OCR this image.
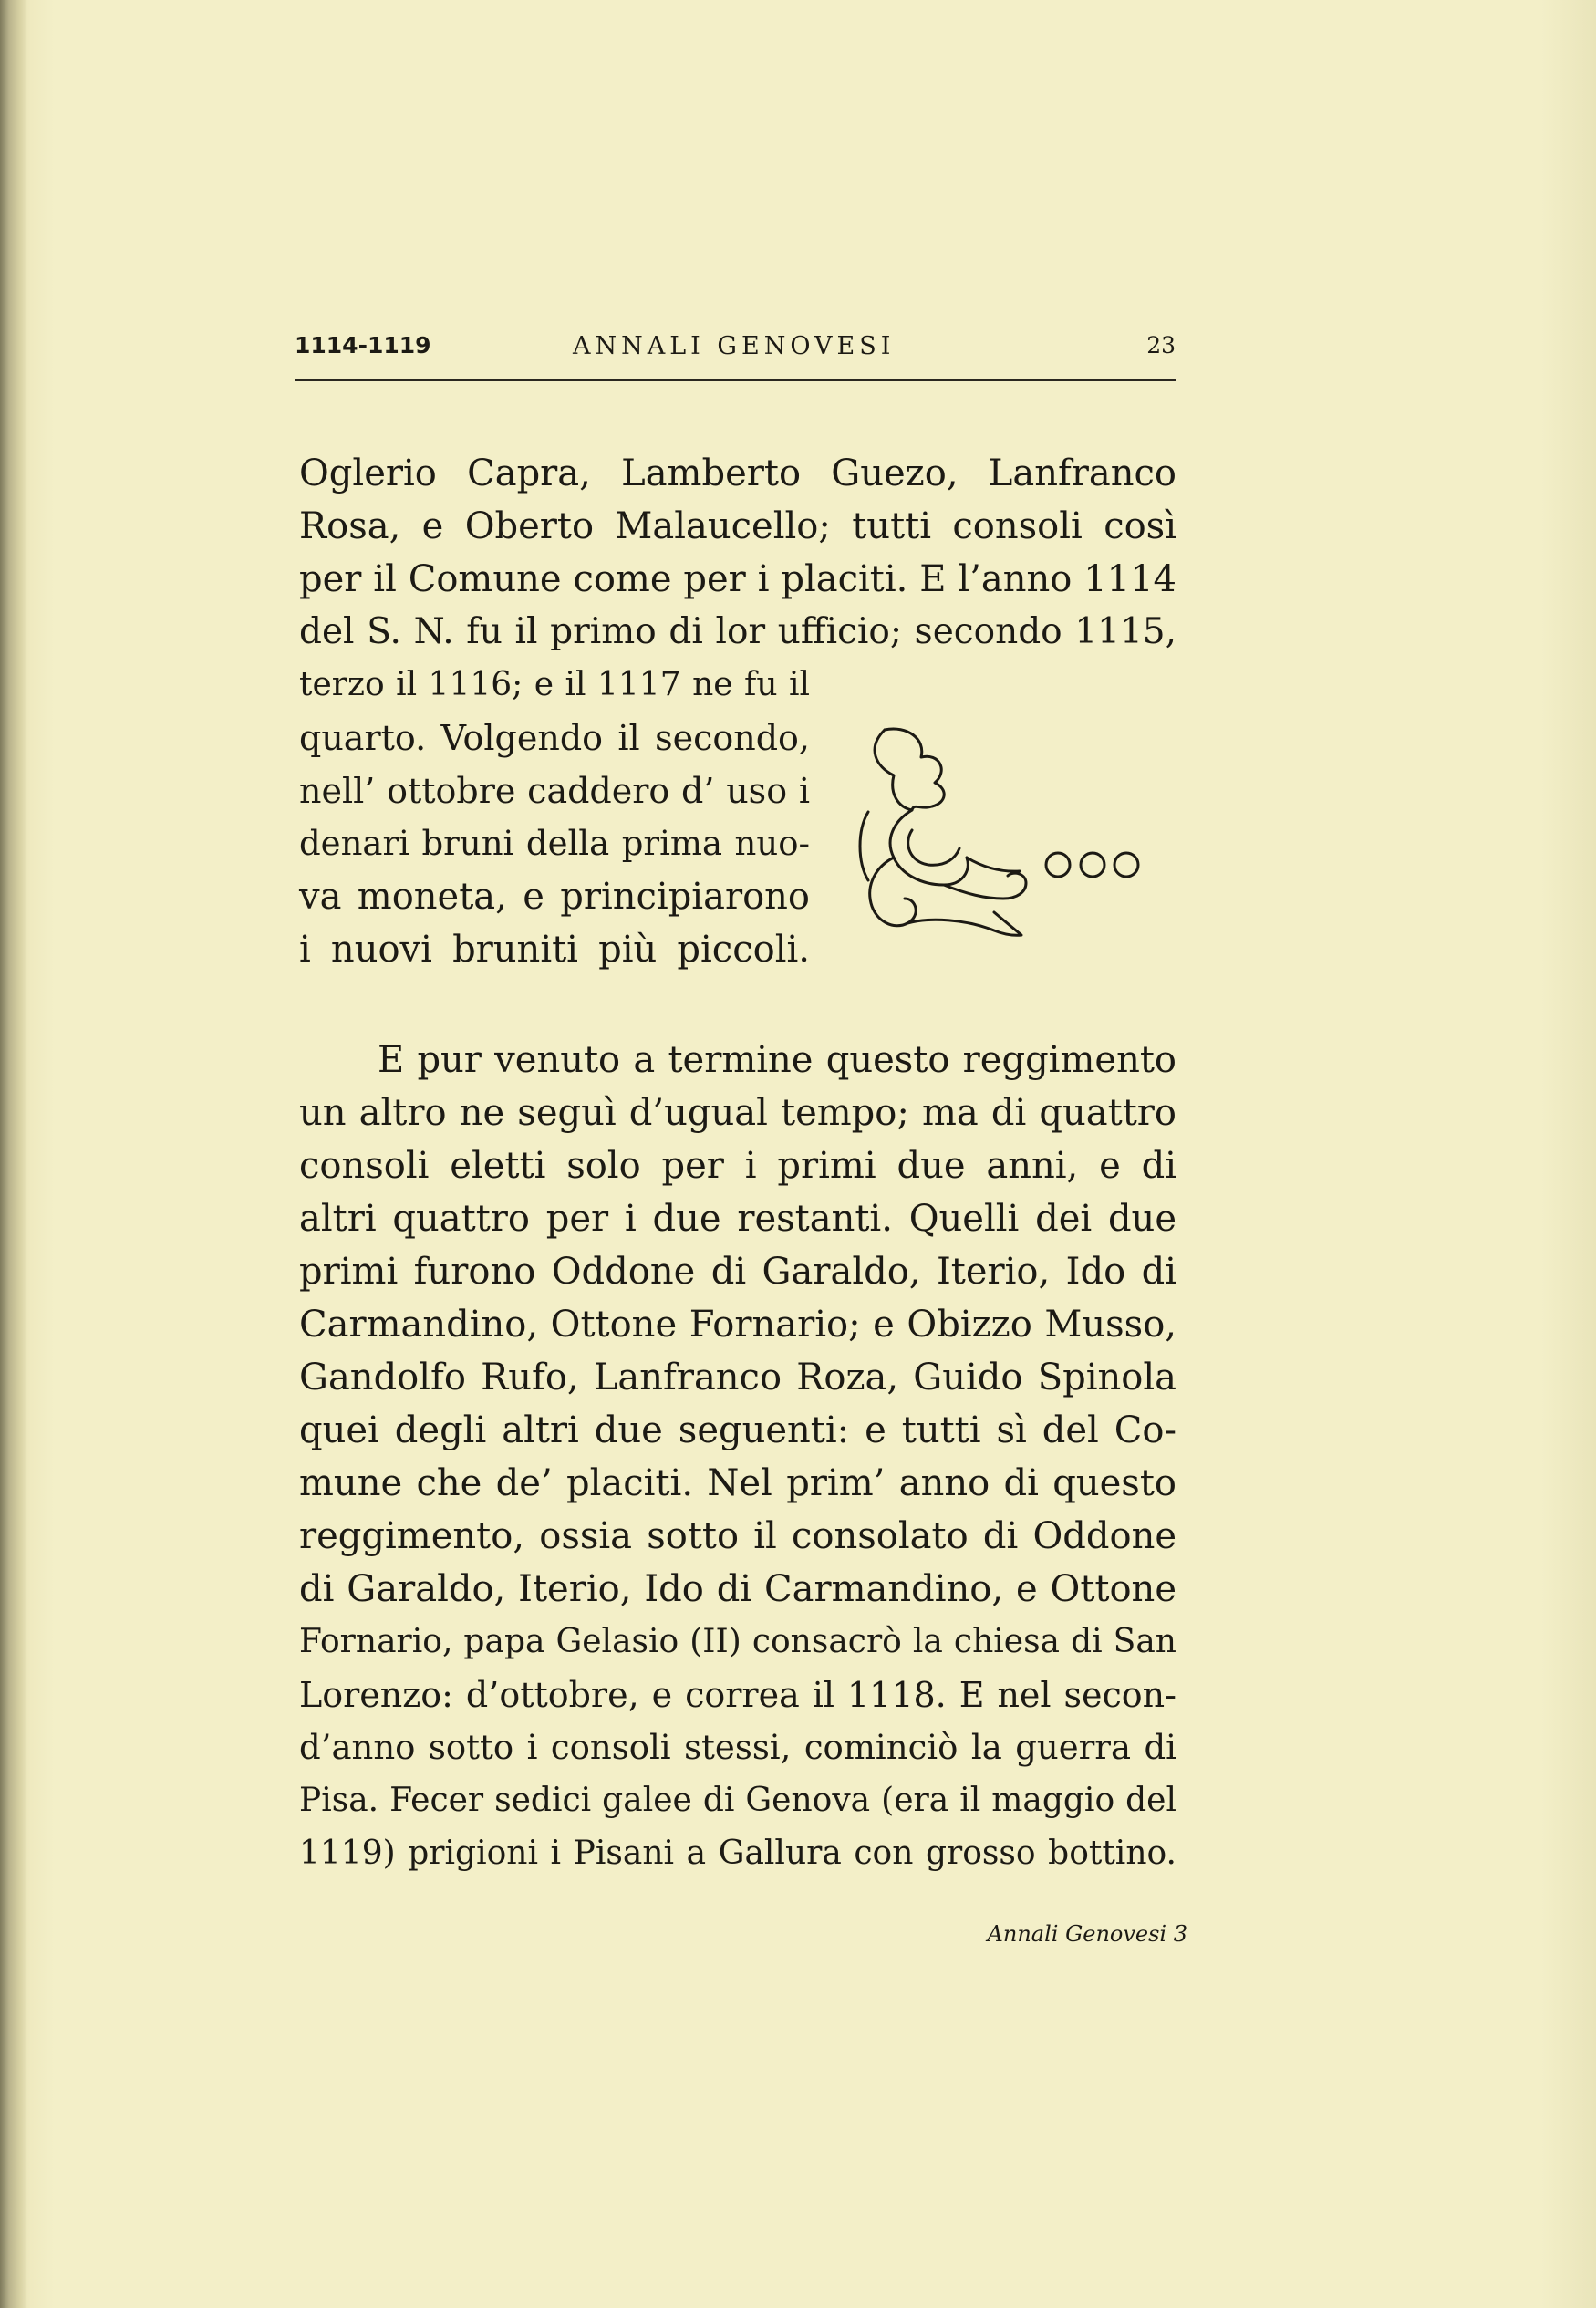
1114-1119	ANNALI GENOVESI	23
Oglerio Capra, Lamberto Guezo, Lanfranco
Rosa, e Oberto Malaucello; tutti consoli così
per il Comune come per i placiti. E l’anno 1114
del S. N. fu il primo di lor ufficio; secondo 1115,
terzo il 1116; e il 1117 ne fu il
quarto. Volgendo il secondo,
nell’ ottobre caddero d’ uso i
denari bruni della prima nuo-
va moneta, e principiarono
i nuovi bruniti più piccoli.
E pur venuto a termine questo reggimento
un altro ne seguì d’ugual tempo; ma di quattro
consoli eletti solo per i primi due anni, e di
altri quattro per i due restanti. Quelli dei due
primi furono Oddone di Garaldo, Iterio, Ido di
Carmandino, Ottone Fornario; e Obizzo Musso,
Gandolfo Rufo, Lanfranco Roza, Guido Spinola
quei degli altri due seguenti: e tutti sì del Co-
mune che de’ placiti. Nel prim’ anno di questo
reggimento, ossia sotto il consolato di Oddone
di Garaldo, Iterio, Ido di Carmandino, e Ottone
Fornario, papa Gelasio (II) consacrò la chiesa di San
Lorenzo: d’ottobre, e correa il 1118. E nel secon-
d’anno sotto i consoli stessi, cominciò la guerra di
Pisa. Fecer sedici galee di Genova (era il maggio del
1119) prigioni i Pisani a Gallura con grosso bottino.
Annali Genovesi 3
